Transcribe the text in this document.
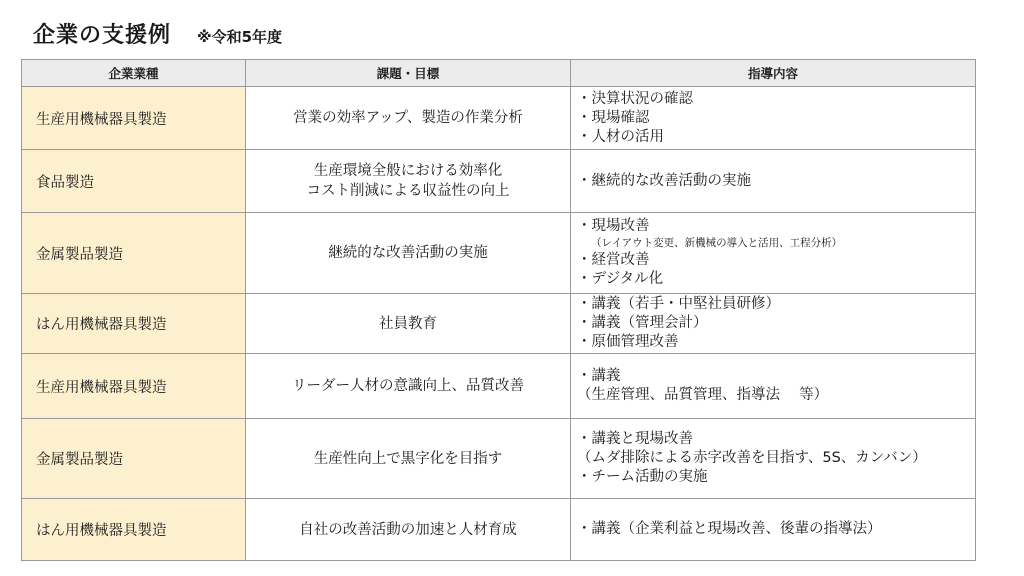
企業の支援例 ※令和5年度
企業業種	課題・目標	指導内容
生産用機械器具製造	営業の効率アップ、製造の作業分析	・決算状況の確認
・現場確認
・人材の活用

食品製造	生産環境全般における効率化
コスト削減による収益性の向上	・継続的な改善活動の実施

金属製品製造	継続的な改善活動の実施	・現場改善
（レイアウト変更、新機械の導入と活用、工程分析）
・経営改善
・デジタル化

はん用機械器具製造	社員教育	・講義（若手・中堅社員研修）
・講義（管理会計）
・原価管理改善

生産用機械器具製造	リーダー人材の意識向上、品質改善	・講義
（生産管理、品質管理、指導法　 等）

金属製品製造	生産性向上で黒字化を目指す	・講義と現場改善
（ムダ排除による赤字改善を目指す、5S、カンバン）
・チーム活動の実施

はん用機械器具製造	自社の改善活動の加速と人材育成	・講義（企業利益と現場改善、後輩の指導法）
